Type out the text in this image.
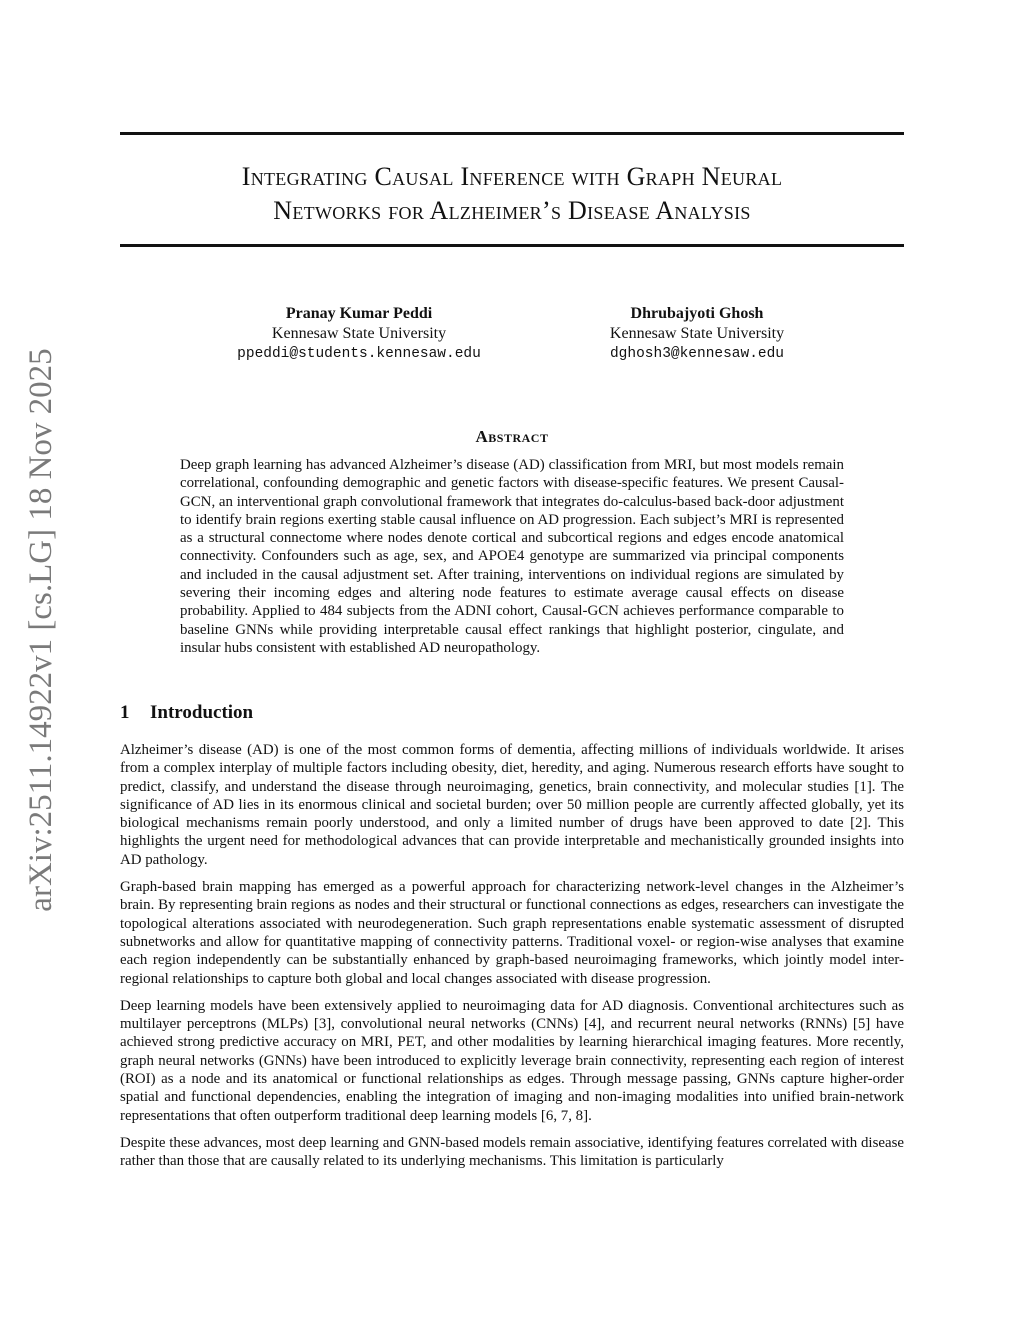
arXiv:2511.14922v1 [cs.LG] 18 Nov 2025
Integrating Causal Inference with Graph Neural
Networks for Alzheimer’s Disease Analysis
Pranay Kumar Peddi
Kennesaw State University
ppeddi@students.kennesaw.edu
Dhrubajyoti Ghosh
Kennesaw State University
dghosh3@kennesaw.edu
Abstract

Deep graph learning has advanced Alzheimer’s disease (AD) classification from MRI, but most models remain correlational, confounding demographic and genetic factors with disease-specific features. We present Causal-GCN, an interventional graph convolutional framework that integrates do-calculus-based back-door adjustment to identify brain regions exerting stable causal influence on AD progression. Each subject’s MRI is represented as a structural connectome where nodes denote cortical and subcortical regions and edges encode anatomical connectivity. Confounders such as age, sex, and APOE4 genotype are summarized via principal components and included in the causal adjustment set. After training, interventions on individual regions are simulated by severing their incoming edges and altering node features to estimate average causal effects on disease probability. Applied to 484 subjects from the ADNI cohort, Causal-GCN achieves performance comparable to baseline GNNs while providing interpretable causal effect rankings that highlight posterior, cingulate, and insular hubs consistent with established AD neuropathology.

1 Introduction

Alzheimer’s disease (AD) is one of the most common forms of dementia, affecting millions of individuals worldwide. It arises from a complex interplay of multiple factors including obesity, diet, heredity, and aging. Numerous research efforts have sought to predict, classify, and understand the disease through neuroimaging, genetics, brain connectivity, and molecular studies [1]. The significance of AD lies in its enormous clinical and societal burden; over 50 million people are currently affected globally, yet its biological mechanisms remain poorly understood, and only a limited number of drugs have been approved to date [2]. This highlights the urgent need for methodological advances that can provide interpretable and mechanistically grounded insights into AD pathology.

Graph-based brain mapping has emerged as a powerful approach for characterizing network-level changes in the Alzheimer’s brain. By representing brain regions as nodes and their structural or functional connections as edges, researchers can investigate the topological alterations associated with neurodegeneration. Such graph representations enable systematic assessment of disrupted subnetworks and allow for quantitative mapping of connectivity patterns. Traditional voxel- or region-wise analyses that examine each region independently can be substantially enhanced by graph-based neuroimaging frameworks, which jointly model inter-regional relationships to capture both global and local changes associated with disease progression.

Deep learning models have been extensively applied to neuroimaging data for AD diagnosis. Conventional architectures such as multilayer perceptrons (MLPs) [3], convolutional neural networks (CNNs) [4], and recurrent neural networks (RNNs) [5] have achieved strong predictive accuracy on MRI, PET, and other modalities by learning hierarchical imaging features. More recently, graph neural networks (GNNs) have been introduced to explicitly leverage brain connectivity, representing each region of interest (ROI) as a node and its anatomical or functional relationships as edges. Through message passing, GNNs capture higher-order spatial and functional dependencies, enabling the integration of imaging and non-imaging modalities into unified brain-network representations that often outperform traditional deep learning models [6, 7, 8].

Despite these advances, most deep learning and GNN-based models remain associative, identifying features correlated with disease rather than those that are causally related to its underlying mechanisms. This limitation is particularly
